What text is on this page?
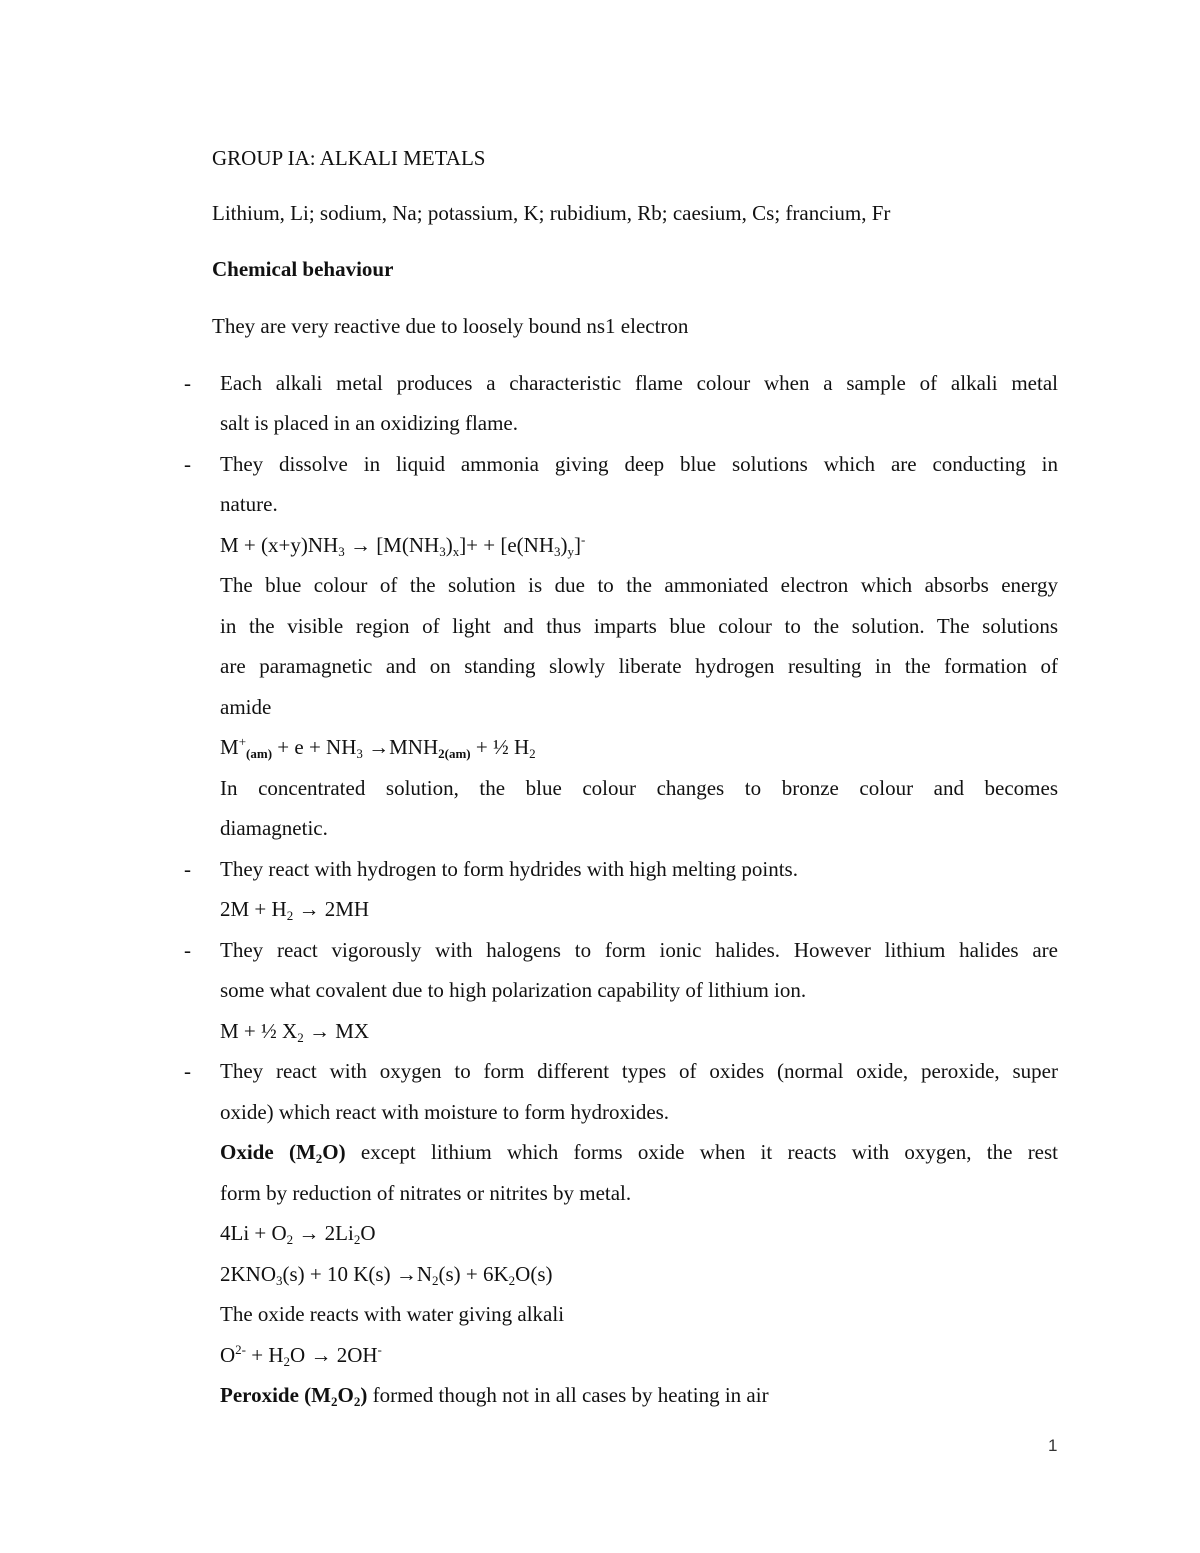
GROUP IA: ALKALI METALS
Lithium, Li; sodium, Na; potassium, K; rubidium, Rb; caesium, Cs; francium, Fr
Chemical behaviour
They are very reactive due to loosely bound ns1 electron
- Each alkali metal produces a characteristic flame colour when a sample of alkali metal
salt is placed in an oxidizing flame.
- They dissolve in liquid ammonia giving deep blue solutions which are conducting in
nature.
$M + (x+y)NH_3 \to [M(NH_3)_x]+ + [e(NH_3)_y]^-$
The blue colour of the solution is due to the ammoniated electron which absorbs energy
in the visible region of light and thus imparts blue colour to the solution. The solutions
are paramagnetic and on standing slowly liberate hydrogen resulting in the formation of
amide
$M^+_{(am)} + e + NH_3 \to MNH_{2(am)}$ + ½ $H_2$
In concentrated solution, the blue colour changes to bronze colour and becomes
diamagnetic.
- They react with hydrogen to form hydrides with high melting points.
$2M + H_2 \to 2MH$
- They react vigorously with halogens to form ionic halides. However lithium halides are
some what covalent due to high polarization capability of lithium ion.
M + ½ $X_2$ → MX
- They react with oxygen to form different types of oxides (normal oxide, peroxide, super
oxide) which react with moisture to form hydroxides.
Oxide $(M_2O)$ except lithium which forms oxide when it reacts with oxygen, the rest
form by reduction of nitrates or nitrites by metal.
$4Li + O_2 \to 2Li_2O$
$2KNO_3(s) + 10$ $K(s) \to N_2(s) + 6K_2O(s)$
The oxide reacts with water giving alkali
$O^{2-} + H_2O \to 2OH^-$
Peroxide $(M_2O_2)$ formed though not in all cases by heating in air
1
